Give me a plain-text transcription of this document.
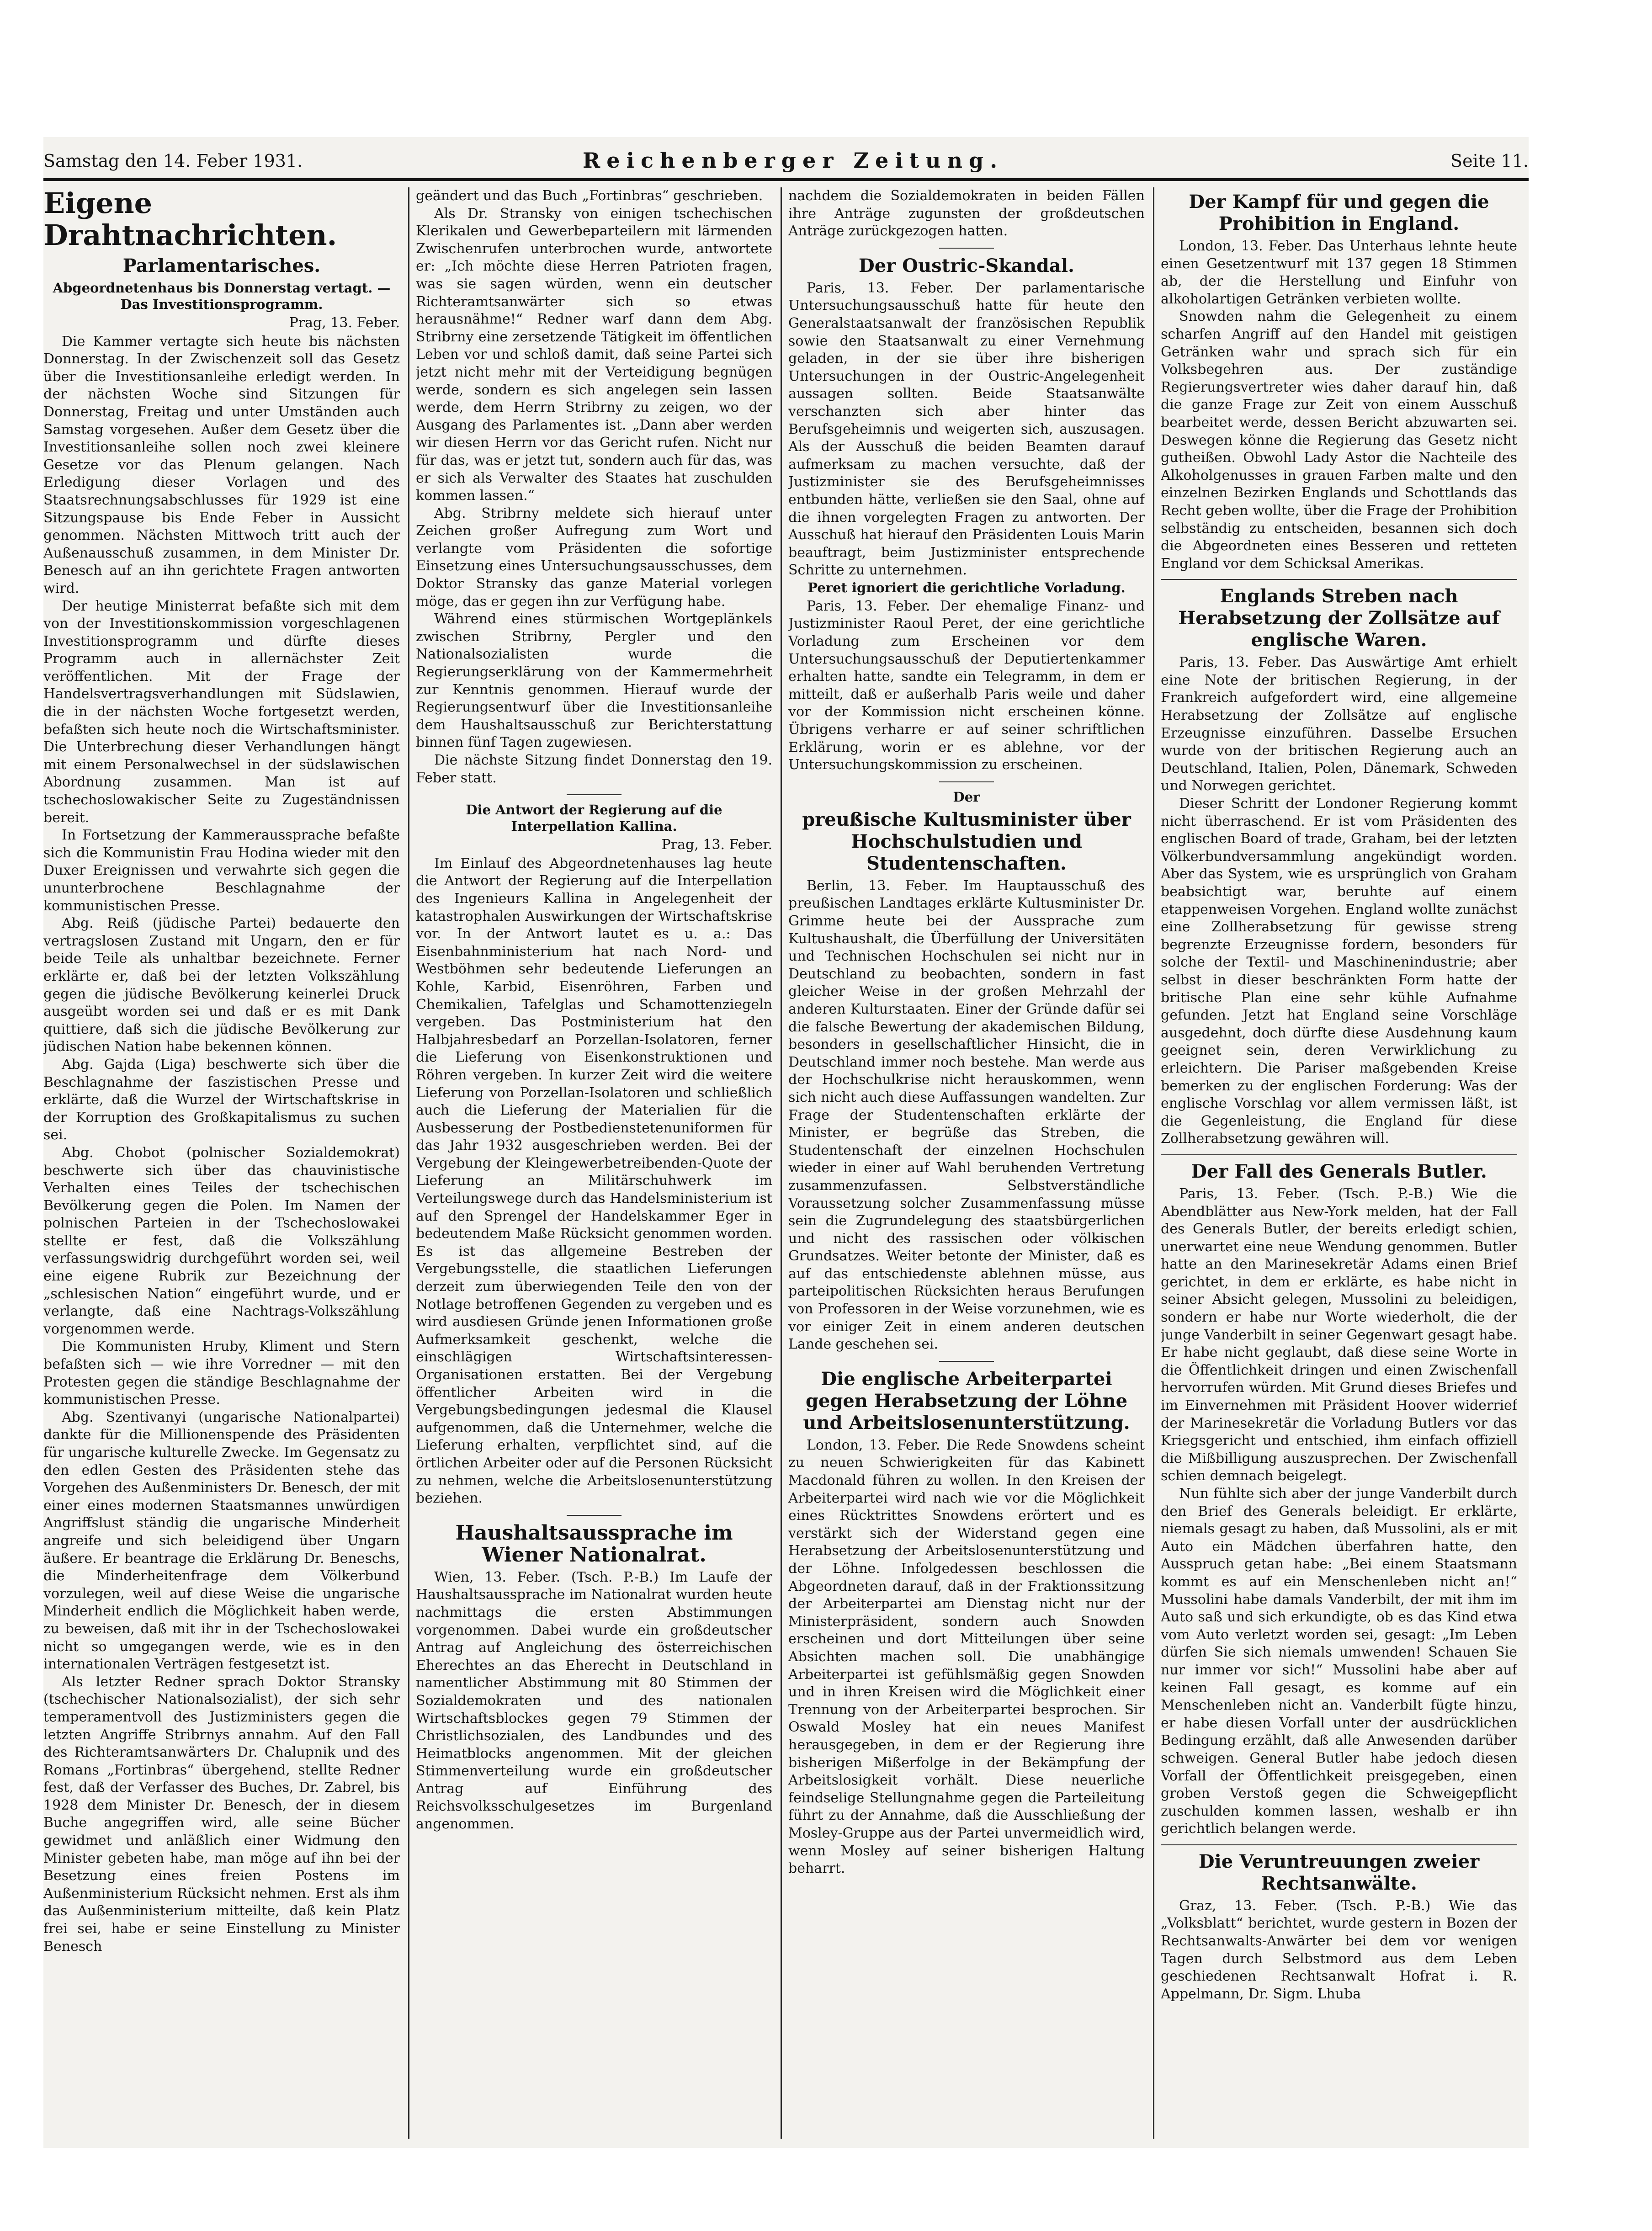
Samstag den 14. Feber 1931.	Reichenberger Zeitung.	Seite 11.
Eigene Drahtnachrichten.
Parlamentarisches.
Abgeordnetenhaus bis Donnerstag vertagt. — Das Investitionsprogramm.
Prag, 13. Feber.

Die Kammer vertagte sich heute bis nächsten Donnerstag. In der Zwischenzeit soll das Gesetz über die Investitionsanleihe erledigt werden. In der nächsten Woche sind Sitzungen für Donnerstag, Freitag und unter Umständen auch Samstag vorgesehen. Außer dem Gesetz über die Investitionsanleihe sollen noch zwei kleinere Gesetze vor das Plenum gelangen. Nach Erledigung dieser Vorlagen und des Staatsrechnungsabschlusses für 1929 ist eine Sitzungspause bis Ende Feber in Aussicht genommen. Nächsten Mittwoch tritt auch der Außenausschuß zusammen, in dem Minister Dr. Benesch auf an ihn gerichtete Fragen antworten wird.

Der heutige Ministerrat befaßte sich mit dem von der Investitionskommission vorgeschlagenen Investitionsprogramm und dürfte dieses Programm auch in allernächster Zeit veröffentlichen. Mit der Frage der Handelsvertragsverhandlungen mit Südslawien, die in der nächsten Woche fortgesetzt werden, befaßten sich heute noch die Wirtschaftsminister. Die Unterbrechung dieser Verhandlungen hängt mit einem Personalwechsel in der südslawischen Abordnung zusammen. Man ist auf tschechoslowakischer Seite zu Zugeständnissen bereit.

In Fortsetzung der Kammeraussprache befaßte sich die Kommunistin Frau Hodina wieder mit den Duxer Ereignissen und verwahrte sich gegen die ununterbrochene Beschlagnahme der kommunistischen Presse.

Abg. Reiß (jüdische Partei) bedauerte den vertragslosen Zustand mit Ungarn, den er für beide Teile als unhaltbar bezeichnete. Ferner erklärte er, daß bei der letzten Volkszählung gegen die jüdische Bevölkerung keinerlei Druck ausgeübt worden sei und daß er es mit Dank quittiere, daß sich die jüdische Bevölkerung zur jüdischen Nation habe bekennen können.

Abg. Gajda (Liga) beschwerte sich über die Beschlagnahme der faszistischen Presse und erklärte, daß die Wurzel der Wirtschaftskrise in der Korruption des Großkapitalismus zu suchen sei.

Abg. Chobot (polnischer Sozialdemokrat) beschwerte sich über das chauvinistische Verhalten eines Teiles der tschechischen Bevölkerung gegen die Polen. Im Namen der polnischen Parteien in der Tschechoslowakei stellte er fest, daß die Volkszählung verfassungswidrig durchgeführt worden sei, weil eine eigene Rubrik zur Bezeichnung der „schlesischen Nation“ eingeführt wurde, und er verlangte, daß eine Nachtrags-Volkszählung vorgenommen werde.

Die Kommunisten Hruby, Kliment und Stern befaßten sich — wie ihre Vorredner — mit den Protesten gegen die ständige Beschlagnahme der kommunistischen Presse.

Abg. Szentivanyi (ungarische Nationalpartei) dankte für die Millionenspende des Präsidenten für ungarische kulturelle Zwecke. Im Gegensatz zu den edlen Gesten des Präsidenten stehe das Vorgehen des Außenministers Dr. Benesch, der mit einer eines modernen Staatsmannes unwürdigen Angriffslust ständig die ungarische Minderheit angreife und sich beleidigend über Ungarn äußere. Er beantrage die Erklärung Dr. Beneschs, die Minderheitenfrage dem Völkerbund vorzulegen, weil auf diese Weise die ungarische Minderheit endlich die Möglichkeit haben werde, zu beweisen, daß mit ihr in der Tschechoslowakei nicht so umgegangen werde, wie es in den internationalen Verträgen festgesetzt ist.

Als letzter Redner sprach Doktor Stransky (tschechischer Nationalsozialist), der sich sehr temperamentvoll des Justizministers gegen die letzten Angriffe Stribrnys annahm. Auf den Fall des Richteramtsanwärters Dr. Chalupnik und des Romans „Fortinbras“ übergehend, stellte Redner fest, daß der Verfasser des Buches, Dr. Zabrel, bis 1928 dem Minister Dr. Benesch, der in diesem Buche angegriffen wird, alle seine Bücher gewidmet und anläßlich einer Widmung den Minister gebeten habe, man möge auf ihn bei der Besetzung eines freien Postens im Außenministerium Rücksicht nehmen. Erst als ihm das Außenministerium mitteilte, daß kein Platz frei sei, habe er seine Einstellung zu Minister Benesch

geändert und das Buch „Fortinbras“ geschrieben.

Als Dr. Stransky von einigen tschechischen Klerikalen und Gewerbeparteilern mit lärmenden Zwischenrufen unterbrochen wurde, antwortete er: „Ich möchte diese Herren Patrioten fragen, was sie sagen würden, wenn ein deutscher Richteramtsanwärter sich so etwas herausnähme!“ Redner warf dann dem Abg. Stribrny eine zersetzende Tätigkeit im öffentlichen Leben vor und schloß damit, daß seine Partei sich jetzt nicht mehr mit der Verteidigung begnügen werde, sondern es sich angelegen sein lassen werde, dem Herrn Stribrny zu zeigen, wo der Ausgang des Parlamentes ist. „Dann aber werden wir diesen Herrn vor das Gericht rufen. Nicht nur für das, was er jetzt tut, sondern auch für das, was er sich als Verwalter des Staates hat zuschulden kommen lassen.“

Abg. Stribrny meldete sich hierauf unter Zeichen großer Aufregung zum Wort und verlangte vom Präsidenten die sofortige Einsetzung eines Untersuchungsausschusses, dem Doktor Stransky das ganze Material vorlegen möge, das er gegen ihn zur Verfügung habe.

Während eines stürmischen Wortgeplänkels zwischen Stribrny, Pergler und den Nationalsozialisten wurde die Regierungserklärung von der Kammermehrheit zur Kenntnis genommen. Hierauf wurde der Regierungsentwurf über die Investitionsanleihe dem Haushaltsausschuß zur Berichterstattung binnen fünf Tagen zugewiesen.

Die nächste Sitzung findet Donnerstag den 19. Feber statt.

Die Antwort der Regierung auf die Interpellation Kallina.
Prag, 13. Feber.

Im Einlauf des Abgeordnetenhauses lag heute die Antwort der Regierung auf die Interpellation des Ingenieurs Kallina in Angelegenheit der katastrophalen Auswirkungen der Wirtschaftskrise vor. In der Antwort lautet es u. a.: Das Eisenbahnministerium hat nach Nord- und Westböhmen sehr bedeutende Lieferungen an Kohle, Karbid, Eisenröhren, Farben und Chemikalien, Tafelglas und Schamottenziegeln vergeben. Das Postministerium hat den Halbjahresbedarf an Porzellan-Isolatoren, ferner die Lieferung von Eisenkonstruktionen und Röhren vergeben. In kurzer Zeit wird die weitere Lieferung von Porzellan-Isolatoren und schließlich auch die Lieferung der Materialien für die Ausbesserung der Postbedienstetenuniformen für das Jahr 1932 ausgeschrieben werden. Bei der Vergebung der Kleingewerbetreibenden-Quote der Lieferung an Militärschuhwerk im Verteilungswege durch das Handelsministerium ist auf den Sprengel der Handelskammer Eger in bedeutendem Maße Rücksicht genommen worden. Es ist das allgemeine Bestreben der Vergebungsstelle, die staatlichen Lieferungen derzeit zum überwiegenden Teile den von der Notlage betroffenen Gegenden zu vergeben und es wird ausdiesen Gründe jenen Informationen große Aufmerksamkeit geschenkt, welche die einschlägigen Wirtschaftsinteressen-Organisationen erstatten. Bei der Vergebung öffentlicher Arbeiten wird in die Vergebungsbedingungen jedesmal die Klausel aufgenommen, daß die Unternehmer, welche die Lieferung erhalten, verpflichtet sind, auf die örtlichen Arbeiter oder auf die Personen Rücksicht zu nehmen, welche die Arbeitslosenunterstützung beziehen.

Haushaltsaussprache im Wiener Nationalrat.

Wien, 13. Feber. (Tsch. P.-B.) Im Laufe der Haushaltsaussprache im Nationalrat wurden heute nachmittags die ersten Abstimmungen vorgenommen. Dabei wurde ein großdeutscher Antrag auf Angleichung des österreichischen Eherechtes an das Eherecht in Deutschland in namentlicher Abstimmung mit 80 Stimmen der Sozialdemokraten und des nationalen Wirtschaftsblockes gegen 79 Stimmen der Christlichsozialen, des Landbundes und des Heimatblocks angenommen. Mit der gleichen Stimmenverteilung wurde ein großdeutscher Antrag auf Einführung des Reichsvolksschulgesetzes im Burgenland angenommen.

nachdem die Sozialdemokraten in beiden Fällen ihre Anträge zugunsten der großdeutschen Anträge zurückgezogen hatten.

Der Oustric-Skandal.

Paris, 13. Feber. Der parlamentarische Untersuchungsausschuß hatte für heute den Generalstaatsanwalt der französischen Republik sowie den Staatsanwalt zu einer Vernehmung geladen, in der sie über ihre bisherigen Untersuchungen in der Oustric-Angelegenheit aussagen sollten. Beide Staatsanwälte verschanzten sich aber hinter das Berufsgeheimnis und weigerten sich, auszusagen. Als der Ausschuß die beiden Beamten darauf aufmerksam zu machen versuchte, daß der Justizminister sie des Berufsgeheimnisses entbunden hätte, verließen sie den Saal, ohne auf die ihnen vorgelegten Fragen zu antworten. Der Ausschuß hat hierauf den Präsidenten Louis Marin beauftragt, beim Justizminister entsprechende Schritte zu unternehmen.

Peret ignoriert die gerichtliche Vorladung.

Paris, 13. Feber. Der ehemalige Finanz- und Justizminister Raoul Peret, der eine gerichtliche Vorladung zum Erscheinen vor dem Untersuchungsausschuß der Deputiertenkammer erhalten hatte, sandte ein Telegramm, in dem er mitteilt, daß er außerhalb Paris weile und daher vor der Kommission nicht erscheinen könne. Übrigens verharre er auf seiner schriftlichen Erklärung, worin er es ablehne, vor der Untersuchungskommission zu erscheinen.

Der
preußische Kultusminister über Hochschulstudien und Studentenschaften.

Berlin, 13. Feber. Im Hauptausschuß des preußischen Landtages erklärte Kultusminister Dr. Grimme heute bei der Aussprache zum Kultushaushalt, die Überfüllung der Universitäten und Technischen Hochschulen sei nicht nur in Deutschland zu beobachten, sondern in fast gleicher Weise in der großen Mehrzahl der anderen Kulturstaaten. Einer der Gründe dafür sei die falsche Bewertung der akademischen Bildung, besonders in gesellschaftlicher Hinsicht, die in Deutschland immer noch bestehe. Man werde aus der Hochschulkrise nicht herauskommen, wenn sich nicht auch diese Auffassungen wandelten. Zur Frage der Studentenschaften erklärte der Minister, er begrüße das Streben, die Studentenschaft der einzelnen Hochschulen wieder in einer auf Wahl beruhenden Vertretung zusammenzufassen. Selbstverständliche Voraussetzung solcher Zusammenfassung müsse sein die Zugrundelegung des staatsbürgerlichen und nicht des rassischen oder völkischen Grundsatzes. Weiter betonte der Minister, daß es auf das entschiedenste ablehnen müsse, aus parteipolitischen Rücksichten heraus Berufungen von Professoren in der Weise vorzunehmen, wie es vor einiger Zeit in einem anderen deutschen Lande geschehen sei.

Die englische Arbeiterpartei gegen Herabsetzung der Löhne und Arbeitslosenunterstützung.

London, 13. Feber. Die Rede Snowdens scheint zu neuen Schwierigkeiten für das Kabinett Macdonald führen zu wollen. In den Kreisen der Arbeiterpartei wird nach wie vor die Möglichkeit eines Rücktrittes Snowdens erörtert und es verstärkt sich der Widerstand gegen eine Herabsetzung der Arbeitslosenunterstützung und der Löhne. Infolgedessen beschlossen die Abgeordneten darauf, daß in der Fraktionssitzung der Arbeiterpartei am Dienstag nicht nur der Ministerpräsident, sondern auch Snowden erscheinen und dort Mitteilungen über seine Absichten machen soll. Die unabhängige Arbeiterpartei ist gefühlsmäßig gegen Snowden und in ihren Kreisen wird die Möglichkeit einer Trennung von der Arbeiterpartei besprochen. Sir Oswald Mosley hat ein neues Manifest herausgegeben, in dem er der Regierung ihre bisherigen Mißerfolge in der Bekämpfung der Arbeitslosigkeit vorhält. Diese neuerliche feindselige Stellungnahme gegen die Parteileitung führt zu der Annahme, daß die Ausschließung der Mosley-Gruppe aus der Partei unvermeidlich wird, wenn Mosley auf seiner bisherigen Haltung beharrt.

Der Kampf für und gegen die Prohibition in England.

London, 13. Feber. Das Unterhaus lehnte heute einen Gesetzentwurf mit 137 gegen 18 Stimmen ab, der die Herstellung und Einfuhr von alkoholartigen Getränken verbieten wollte.

Snowden nahm die Gelegenheit zu einem scharfen Angriff auf den Handel mit geistigen Getränken wahr und sprach sich für ein Volksbegehren aus. Der zuständige Regierungsvertreter wies daher darauf hin, daß die ganze Frage zur Zeit von einem Ausschuß bearbeitet werde, dessen Bericht abzuwarten sei. Deswegen könne die Regierung das Gesetz nicht gutheißen. Obwohl Lady Astor die Nachteile des Alkoholgenusses in grauen Farben malte und den einzelnen Bezirken Englands und Schottlands das Recht geben wollte, über die Frage der Prohibition selbständig zu entscheiden, besannen sich doch die Abgeordneten eines Besseren und retteten England vor dem Schicksal Amerikas.

Englands Streben nach Herabsetzung der Zollsätze auf englische Waren.

Paris, 13. Feber. Das Auswärtige Amt erhielt eine Note der britischen Regierung, in der Frankreich aufgefordert wird, eine allgemeine Herabsetzung der Zollsätze auf englische Erzeugnisse einzuführen. Dasselbe Ersuchen wurde von der britischen Regierung auch an Deutschland, Italien, Polen, Dänemark, Schweden und Norwegen gerichtet.

Dieser Schritt der Londoner Regierung kommt nicht überraschend. Er ist vom Präsidenten des englischen Board of trade, Graham, bei der letzten Völkerbundversammlung angekündigt worden. Aber das System, wie es ursprünglich von Graham beabsichtigt war, beruhte auf einem etappenweisen Vorgehen. England wollte zunächst eine Zollherabsetzung für gewisse streng begrenzte Erzeugnisse fordern, besonders für solche der Textil- und Maschinenindustrie; aber selbst in dieser beschränkten Form hatte der britische Plan eine sehr kühle Aufnahme gefunden. Jetzt hat England seine Vorschläge ausgedehnt, doch dürfte diese Ausdehnung kaum geeignet sein, deren Verwirklichung zu erleichtern. Die Pariser maßgebenden Kreise bemerken zu der englischen Forderung: Was der englische Vorschlag vor allem vermissen läßt, ist die Gegenleistung, die England für diese Zollherabsetzung gewähren will.

Der Fall des Generals Butler.

Paris, 13. Feber. (Tsch. P.-B.) Wie die Abendblätter aus New-York melden, hat der Fall des Generals Butler, der bereits erledigt schien, unerwartet eine neue Wendung genommen. Butler hatte an den Marinesekretär Adams einen Brief gerichtet, in dem er erklärte, es habe nicht in seiner Absicht gelegen, Mussolini zu beleidigen, sondern er habe nur Worte wiederholt, die der junge Vanderbilt in seiner Gegenwart gesagt habe. Er habe nicht geglaubt, daß diese seine Worte in die Öffentlichkeit dringen und einen Zwischenfall hervorrufen würden. Mit Grund dieses Briefes und im Einvernehmen mit Präsident Hoover widerrief der Marinesekretär die Vorladung Butlers vor das Kriegsgericht und entschied, ihm einfach offiziell die Mißbilligung auszusprechen. Der Zwischenfall schien demnach beigelegt.

Nun fühlte sich aber der junge Vanderbilt durch den Brief des Generals beleidigt. Er erklärte, niemals gesagt zu haben, daß Mussolini, als er mit Auto ein Mädchen überfahren hatte, den Ausspruch getan habe: „Bei einem Staatsmann kommt es auf ein Menschenleben nicht an!“ Mussolini habe damals Vanderbilt, der mit ihm im Auto saß und sich erkundigte, ob es das Kind etwa vom Auto verletzt worden sei, gesagt: „Im Leben dürfen Sie sich niemals umwenden! Schauen Sie nur immer vor sich!“ Mussolini habe aber auf keinen Fall gesagt, es komme auf ein Menschenleben nicht an. Vanderbilt fügte hinzu, er habe diesen Vorfall unter der ausdrücklichen Bedingung erzählt, daß alle Anwesenden darüber schweigen. General Butler habe jedoch diesen Vorfall der Öffentlichkeit preisgegeben, einen groben Verstoß gegen die Schweigepflicht zuschulden kommen lassen, weshalb er ihn gerichtlich belangen werde.

Die Veruntreuungen zweier Rechtsanwälte.

Graz, 13. Feber. (Tsch. P.-B.) Wie das „Volksblatt“ berichtet, wurde gestern in Bozen der Rechtsanwalts-Anwärter bei dem vor wenigen Tagen durch Selbstmord aus dem Leben geschiedenen Rechtsanwalt Hofrat i. R. Appelmann, Dr. Sigm. Lhuba
